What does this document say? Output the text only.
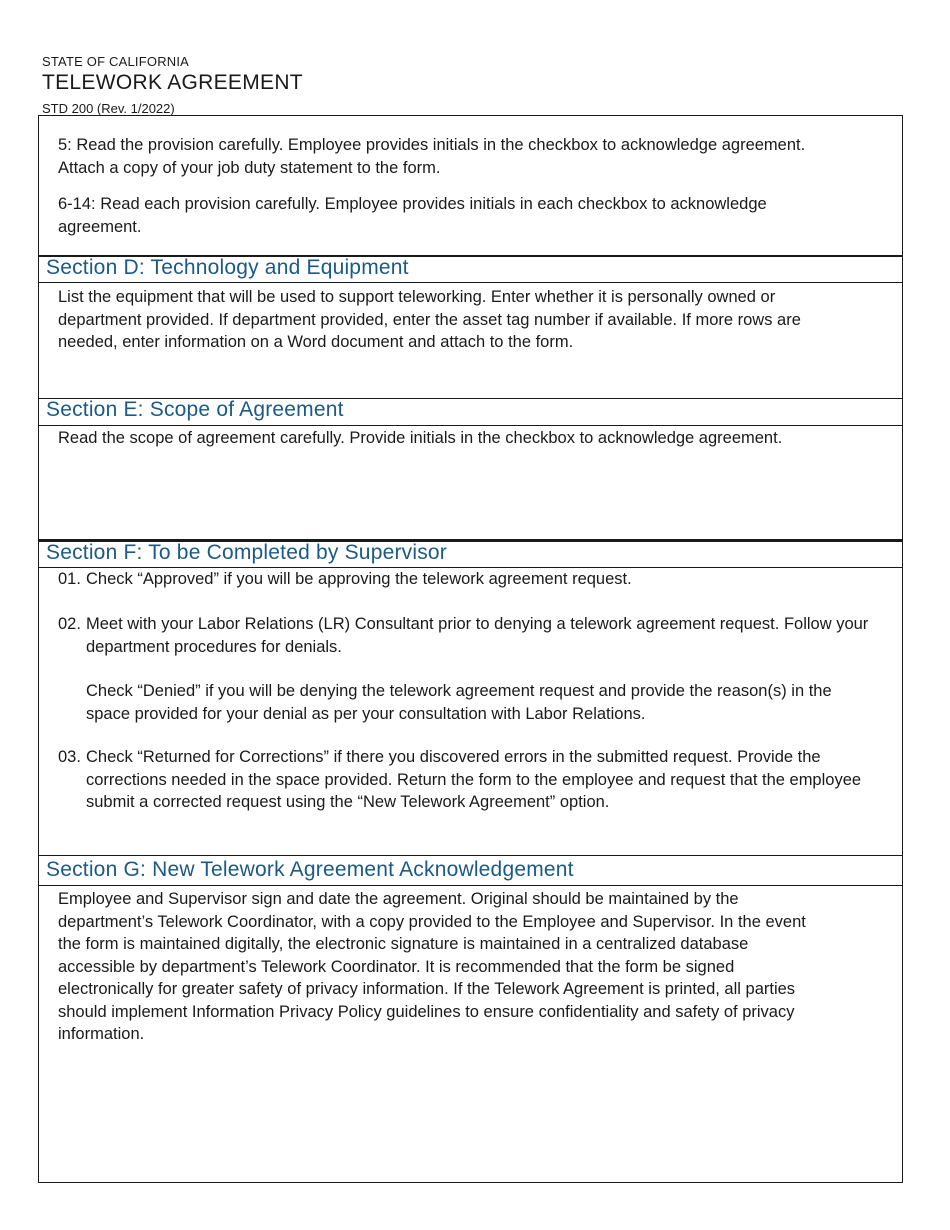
STATE OF CALIFORNIA
TELEWORK AGREEMENT
STD 200 (Rev. 1/2022)

5: Read the provision carefully. Employee provides initials in the checkbox to acknowledge agreement. Attach a copy of your job duty statement to the form.

6-14: Read each provision carefully. Employee provides initials in each checkbox to acknowledge agreement.

Section D: Technology and Equipment

List the equipment that will be used to support teleworking. Enter whether it is personally owned or department provided. If department provided, enter the asset tag number if available. If more rows are needed, enter information on a Word document and attach to the form.

Section E: Scope of Agreement

Read the scope of agreement carefully. Provide initials in the checkbox to acknowledge agreement.

Section F: To be Completed by Supervisor
01. Check “Approved” if you will be approving the telework agreement request.
02. Meet with your Labor Relations (LR) Consultant prior to denying a telework agreement request. Follow your department procedures for denials.
Check “Denied” if you will be denying the telework agreement request and provide the reason(s) in the space provided for your denial as per your consultation with Labor Relations.
03. Check “Returned for Corrections” if there you discovered errors in the submitted request. Provide the corrections needed in the space provided. Return the form to the employee and request that the employee submit a corrected request using the “New Telework Agreement” option.
Section G: New Telework Agreement Acknowledgement

Employee and Supervisor sign and date the agreement. Original should be maintained by the department’s Telework Coordinator, with a copy provided to the Employee and Supervisor. In the event the form is maintained digitally, the electronic signature is maintained in a centralized database accessible by department’s Telework Coordinator. It is recommended that the form be signed electronically for greater safety of privacy information. If the Telework Agreement is printed, all parties should implement Information Privacy Policy guidelines to ensure confidentiality and safety of privacy information.
